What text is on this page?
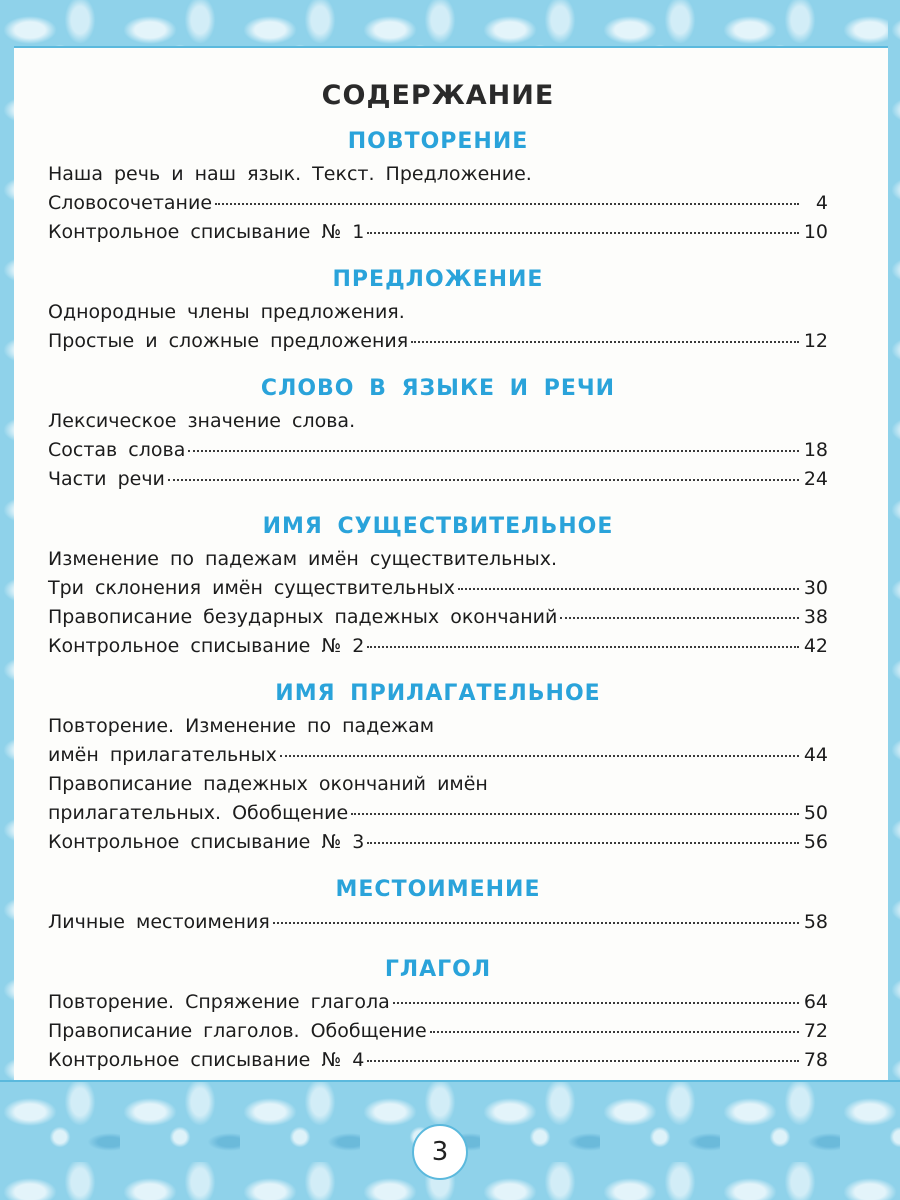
СОДЕРЖАНИЕ
ПОВТОРЕНИЕ
Наша речь и наш язык. Текст. Предложение.
Словосочетание	4
Контрольное списывание № 1	10
ПРЕДЛОЖЕНИЕ
Однородные члены предложения.
Простые и сложные предложения	12
СЛОВО В ЯЗЫКЕ И РЕЧИ
Лексическое значение слова.
Состав слова	18
Части речи	24
ИМЯ СУЩЕСТВИТЕЛЬНОЕ
Изменение по падежам имён существительных.
Три склонения имён существительных	30
Правописание безударных падежных окончаний	38
Контрольное списывание № 2	42
ИМЯ ПРИЛАГАТЕЛЬНОЕ
Повторение. Изменение по падежам
имён прилагательных	44
Правописание падежных окончаний имён
прилагательных. Обобщение	50
Контрольное списывание № 3	56
МЕСТОИМЕНИЕ
Личные местоимения	58
ГЛАГОЛ
Повторение. Спряжение глагола	64
Правописание глаголов. Обобщение	72
Контрольное списывание № 4	78
3
